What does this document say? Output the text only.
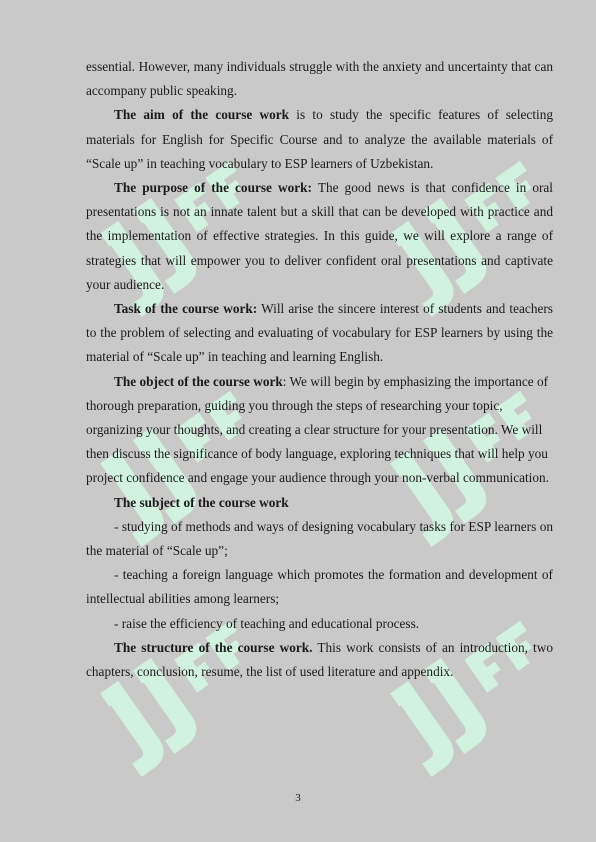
essential. However, many individuals struggle with the anxiety and uncertainty that can accompany public speaking.

The aim of the course work is to study the specific features of selecting materials for English for Specific Course and to analyze the available materials of “Scale up” in teaching vocabulary to ESP learners of Uzbekistan.

The purpose of the course work: The good news is that confidence in oral presentations is not an innate talent but a skill that can be developed with practice and the implementation of effective strategies. In this guide, we will explore a range of strategies that will empower you to deliver confident oral presentations and captivate your audience.

Task of the course work: Will arise the sincere interest of students and teachers to the problem of selecting and evaluating of vocabulary for ESP learners by using the material of “Scale up” in teaching and learning English.

The object of the course work: We will begin by emphasizing the importance of thorough preparation, guiding you through the steps of researching your topic, organizing your thoughts, and creating a clear structure for your presentation. We will then discuss the significance of body language, exploring techniques that will help you project confidence and engage your audience through your non-verbal communication.

The subject of the course work

- studying of methods and ways of designing vocabulary tasks for ESP learners on the material of “Scale up”;

- teaching a foreign language which promotes the formation and development of intellectual abilities among learners;

- raise the efficiency of teaching and educational process.

The structure of the course work. This work consists of an introduction, two chapters, conclusion, resume, the list of used literature and appendix.

3
